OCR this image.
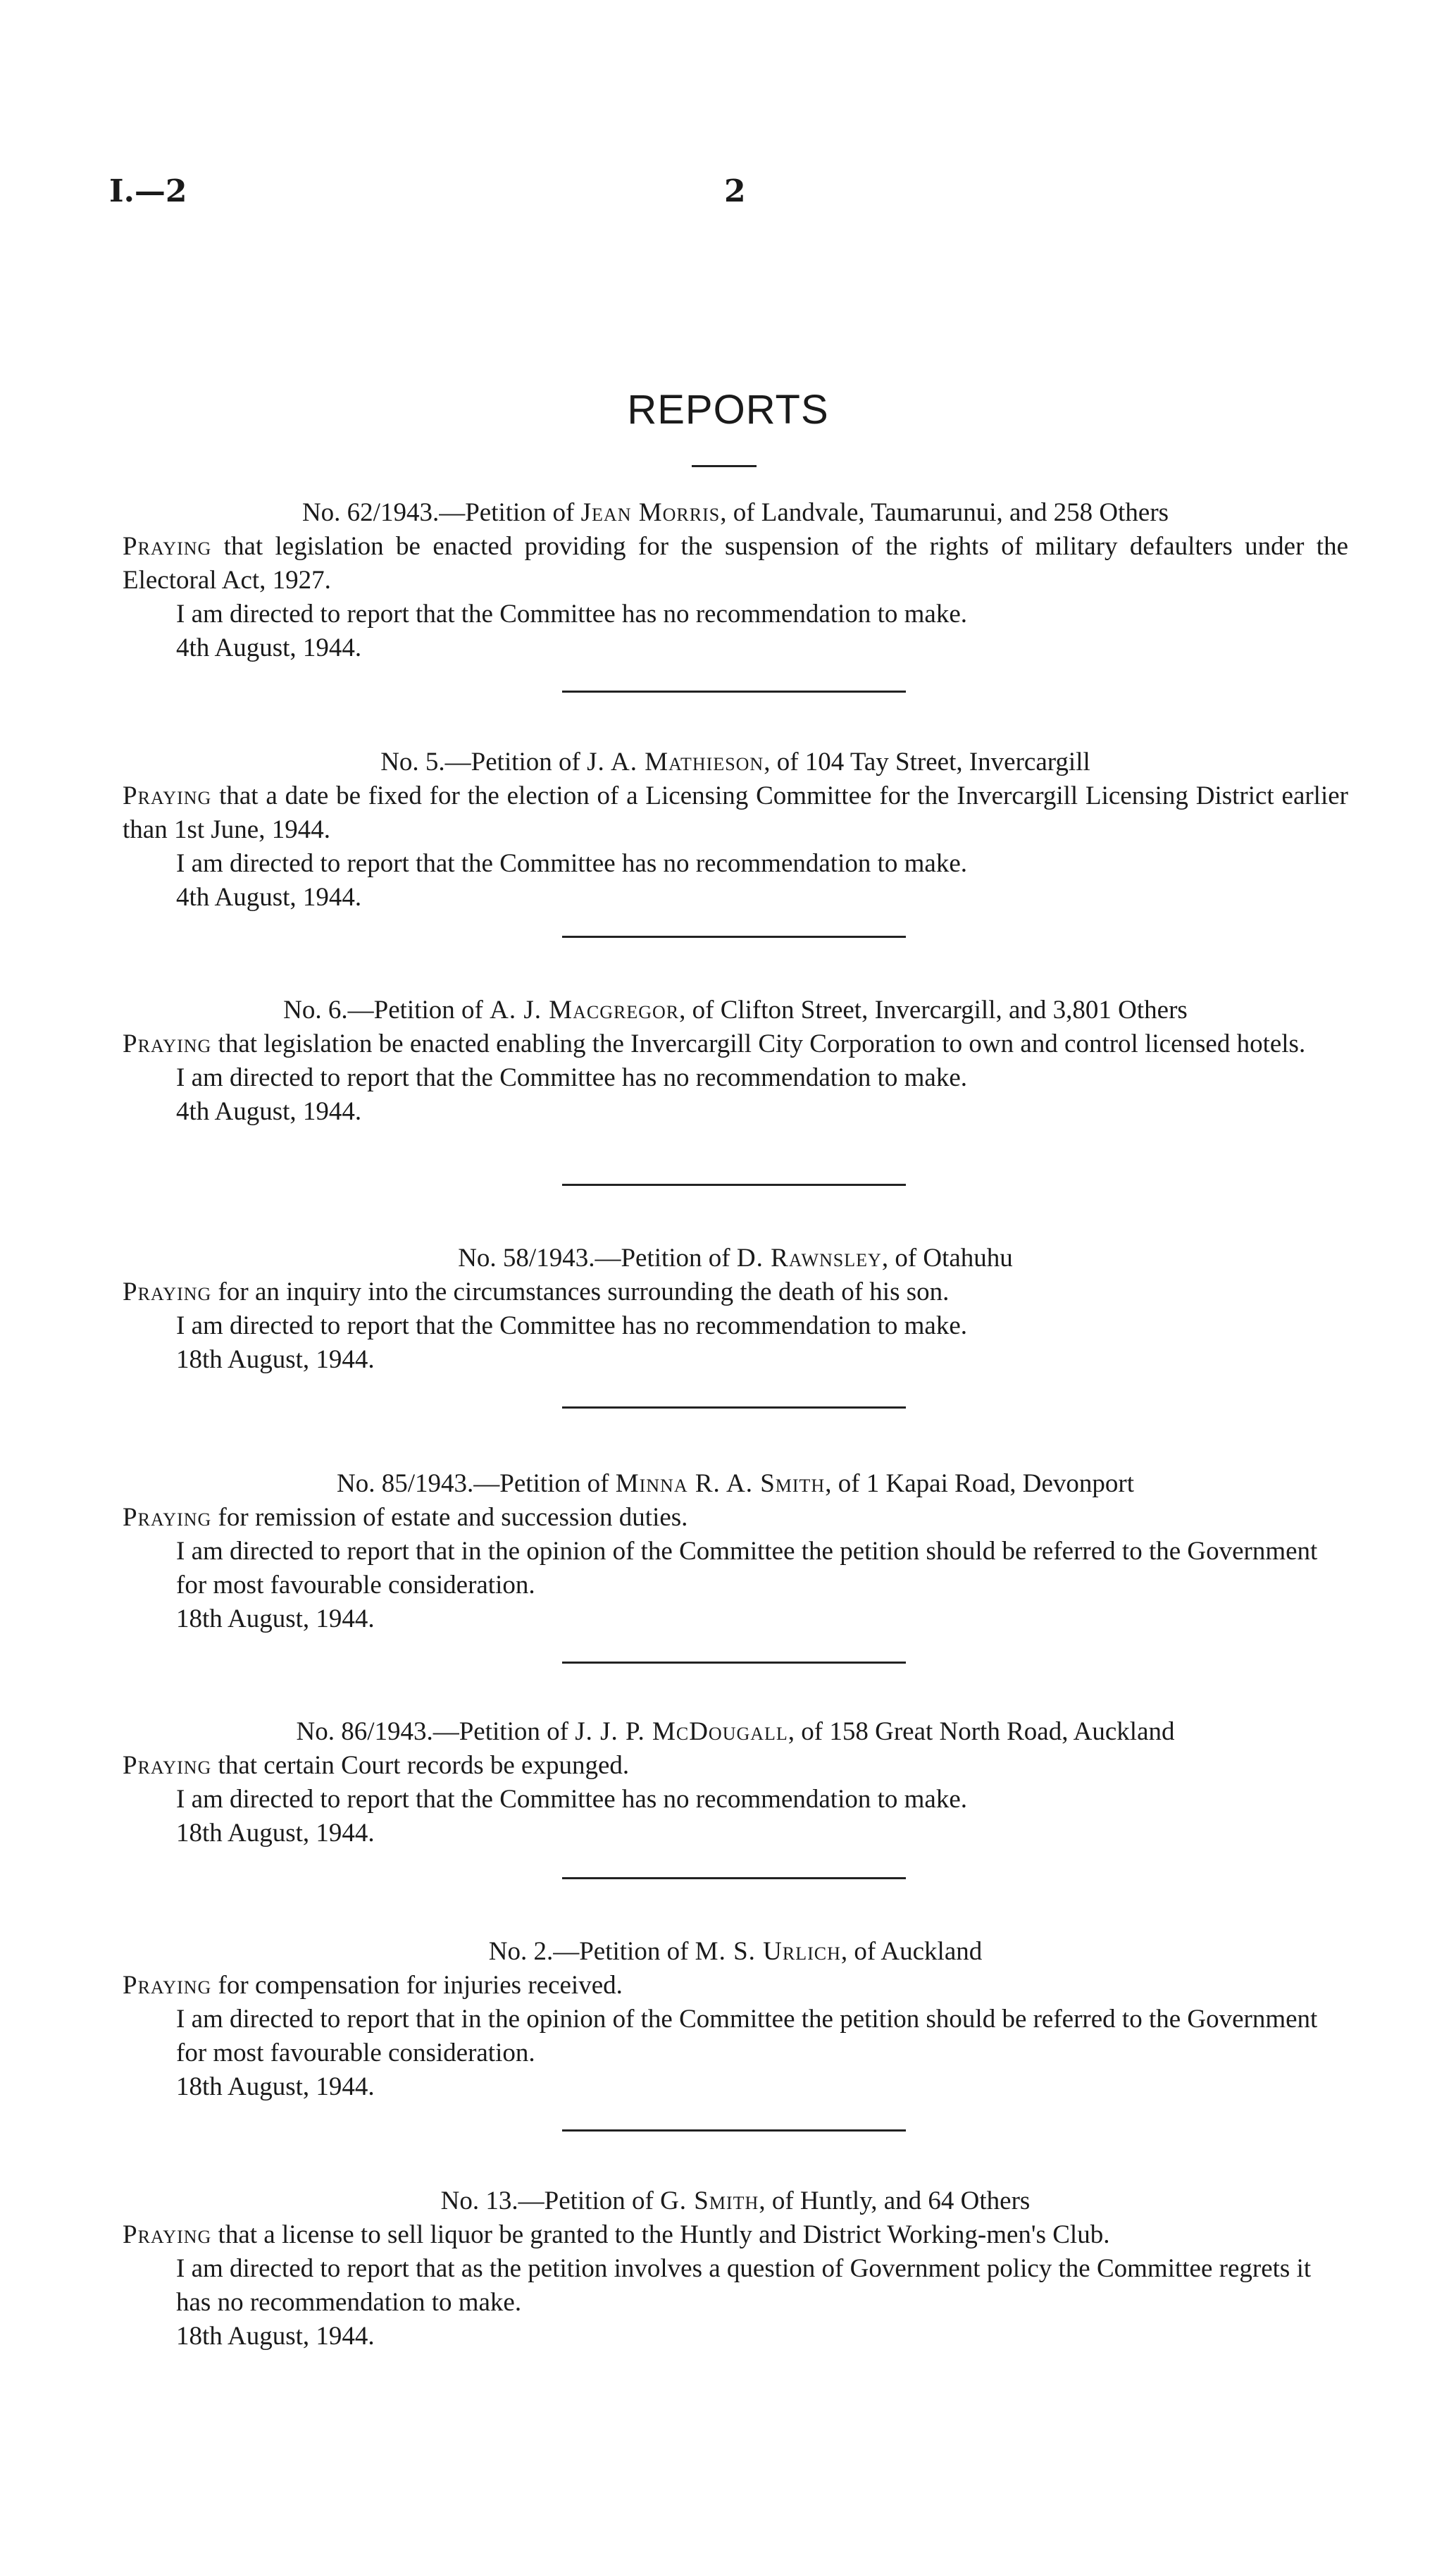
I.—2	2
REPORTS

No. 62/1943.—Petition of Jean Morris, of Landvale, Taumarunui, and 258 Others

Praying that legislation be enacted providing for the suspension of the rights of military defaulters under the Electoral Act, 1927.

I am directed to report that the Committee has no recommendation to make.

4th August, 1944.

No. 5.—Petition of J. A. Mathieson, of 104 Tay Street, Invercargill

Praying that a date be fixed for the election of a Licensing Committee for the Invercargill Licensing District earlier than 1st June, 1944.

I am directed to report that the Committee has no recommendation to make.

4th August, 1944.

No. 6.—Petition of A. J. Macgregor, of Clifton Street, Invercargill, and 3,801 Others

Praying that legislation be enacted enabling the Invercargill City Corporation to own and control licensed hotels.

I am directed to report that the Committee has no recommendation to make.

4th August, 1944.

No. 58/1943.—Petition of D. Rawnsley, of Otahuhu

Praying for an inquiry into the circumstances surrounding the death of his son.

I am directed to report that the Committee has no recommendation to make.

18th August, 1944.

No. 85/1943.—Petition of Minna R. A. Smith, of 1 Kapai Road, Devonport

Praying for remission of estate and succession duties.

I am directed to report that in the opinion of the Committee the petition should be referred to the Government for most favourable consideration.

18th August, 1944.

No. 86/1943.—Petition of J. J. P. McDougall, of 158 Great North Road, Auckland

Praying that certain Court records be expunged.

I am directed to report that the Committee has no recommendation to make.

18th August, 1944.

No. 2.—Petition of M. S. Urlich, of Auckland

Praying for compensation for injuries received.

I am directed to report that in the opinion of the Committee the petition should be referred to the Government for most favourable consideration.

18th August, 1944.

No. 13.—Petition of G. Smith, of Huntly, and 64 Others

Praying that a license to sell liquor be granted to the Huntly and District Working-men's Club.

I am directed to report that as the petition involves a question of Government policy the Committee regrets it has no recommendation to make.

18th August, 1944.
